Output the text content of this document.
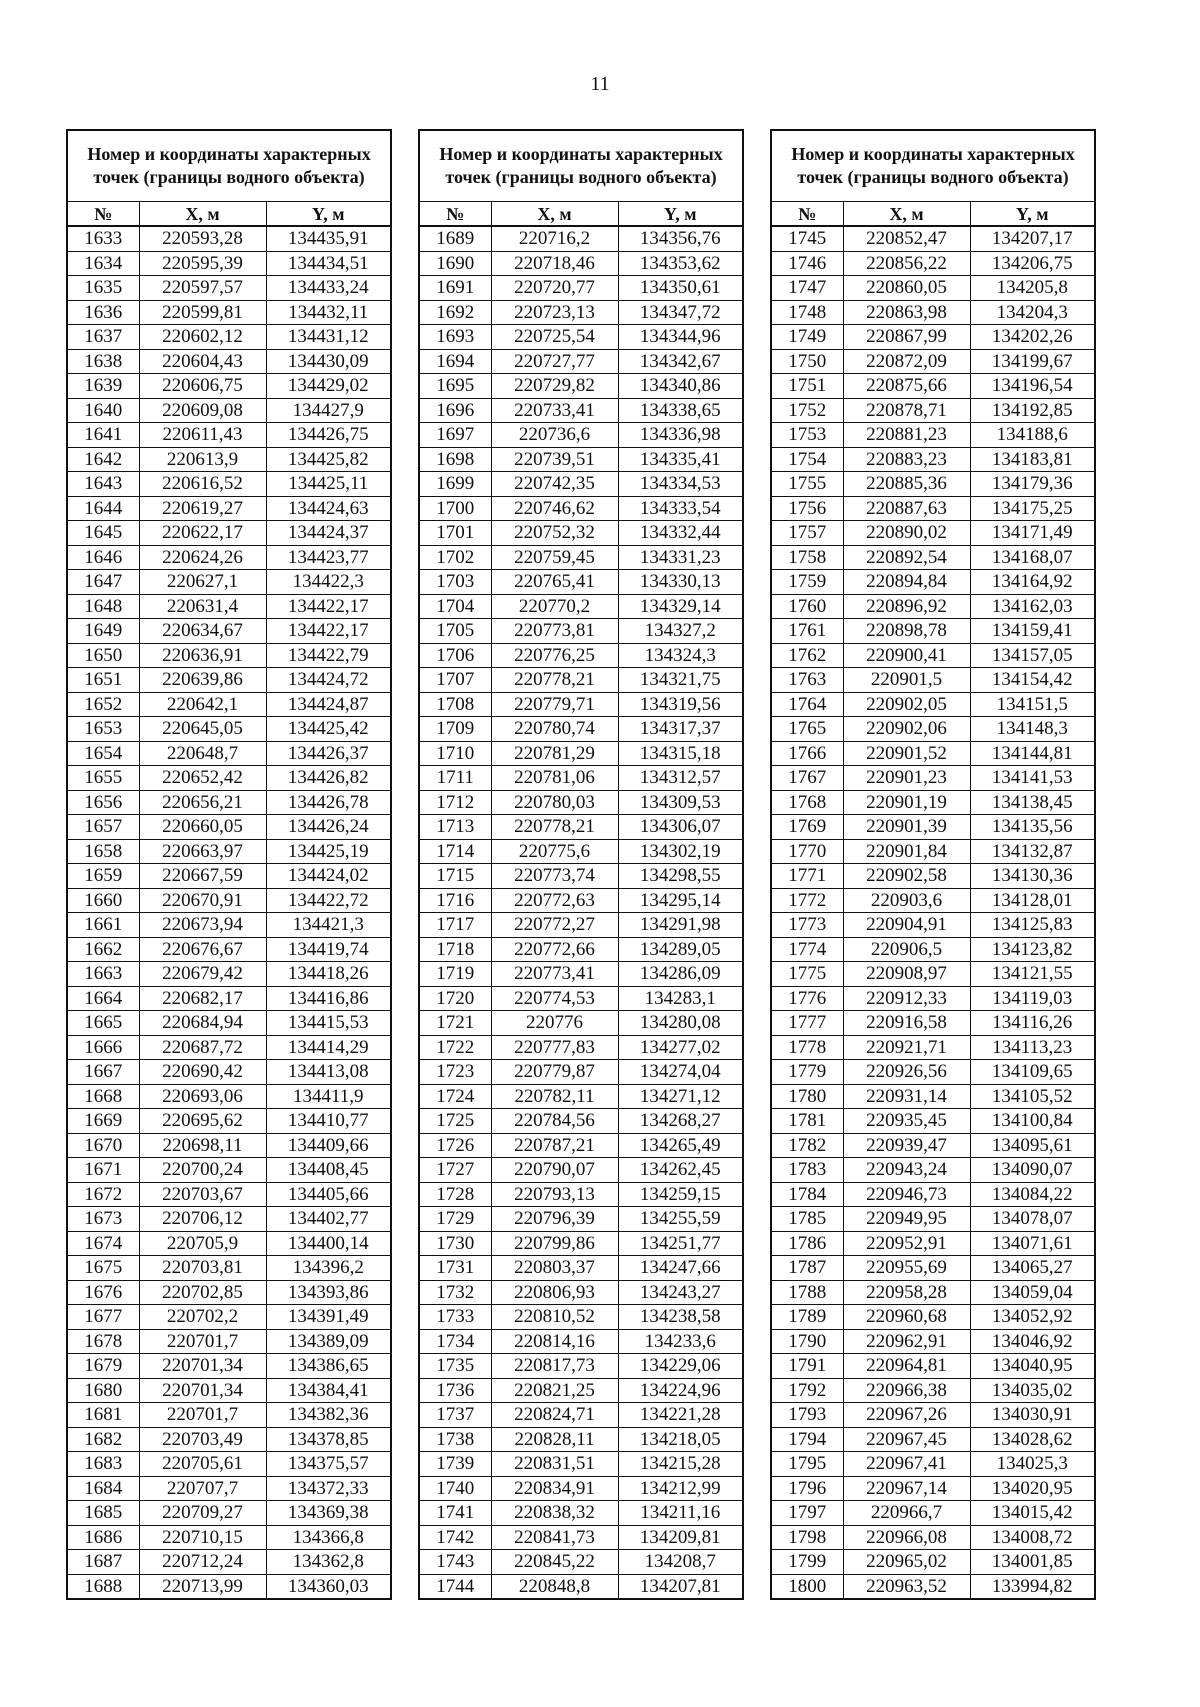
11
Номер и координаты характерных точек (границы водного объекта)		
№	X, м	Y, м
1633	220593,28	134435,91
1634	220595,39	134434,51
1635	220597,57	134433,24
1636	220599,81	134432,11
1637	220602,12	134431,12
1638	220604,43	134430,09
1639	220606,75	134429,02
1640	220609,08	134427,9
1641	220611,43	134426,75
1642	220613,9	134425,82
1643	220616,52	134425,11
1644	220619,27	134424,63
1645	220622,17	134424,37
1646	220624,26	134423,77
1647	220627,1	134422,3
1648	220631,4	134422,17
1649	220634,67	134422,17
1650	220636,91	134422,79
1651	220639,86	134424,72
1652	220642,1	134424,87
1653	220645,05	134425,42
1654	220648,7	134426,37
1655	220652,42	134426,82
1656	220656,21	134426,78
1657	220660,05	134426,24
1658	220663,97	134425,19
1659	220667,59	134424,02
1660	220670,91	134422,72
1661	220673,94	134421,3
1662	220676,67	134419,74
1663	220679,42	134418,26
1664	220682,17	134416,86
1665	220684,94	134415,53
1666	220687,72	134414,29
1667	220690,42	134413,08
1668	220693,06	134411,9
1669	220695,62	134410,77
1670	220698,11	134409,66
1671	220700,24	134408,45
1672	220703,67	134405,66
1673	220706,12	134402,77
1674	220705,9	134400,14
1675	220703,81	134396,2
1676	220702,85	134393,86
1677	220702,2	134391,49
1678	220701,7	134389,09
1679	220701,34	134386,65
1680	220701,34	134384,41
1681	220701,7	134382,36
1682	220703,49	134378,85
1683	220705,61	134375,57
1684	220707,7	134372,33
1685	220709,27	134369,38
1686	220710,15	134366,8
1687	220712,24	134362,8
1688	220713,99	134360,03
Номер и координаты характерных точек (границы водного объекта)		
№	X, м	Y, м
1689	220716,2	134356,76
1690	220718,46	134353,62
1691	220720,77	134350,61
1692	220723,13	134347,72
1693	220725,54	134344,96
1694	220727,77	134342,67
1695	220729,82	134340,86
1696	220733,41	134338,65
1697	220736,6	134336,98
1698	220739,51	134335,41
1699	220742,35	134334,53
1700	220746,62	134333,54
1701	220752,32	134332,44
1702	220759,45	134331,23
1703	220765,41	134330,13
1704	220770,2	134329,14
1705	220773,81	134327,2
1706	220776,25	134324,3
1707	220778,21	134321,75
1708	220779,71	134319,56
1709	220780,74	134317,37
1710	220781,29	134315,18
1711	220781,06	134312,57
1712	220780,03	134309,53
1713	220778,21	134306,07
1714	220775,6	134302,19
1715	220773,74	134298,55
1716	220772,63	134295,14
1717	220772,27	134291,98
1718	220772,66	134289,05
1719	220773,41	134286,09
1720	220774,53	134283,1
1721	220776	134280,08
1722	220777,83	134277,02
1723	220779,87	134274,04
1724	220782,11	134271,12
1725	220784,56	134268,27
1726	220787,21	134265,49
1727	220790,07	134262,45
1728	220793,13	134259,15
1729	220796,39	134255,59
1730	220799,86	134251,77
1731	220803,37	134247,66
1732	220806,93	134243,27
1733	220810,52	134238,58
1734	220814,16	134233,6
1735	220817,73	134229,06
1736	220821,25	134224,96
1737	220824,71	134221,28
1738	220828,11	134218,05
1739	220831,51	134215,28
1740	220834,91	134212,99
1741	220838,32	134211,16
1742	220841,73	134209,81
1743	220845,22	134208,7
1744	220848,8	134207,81
Номер и координаты характерных точек (границы водного объекта)		
№	X, м	Y, м
1745	220852,47	134207,17
1746	220856,22	134206,75
1747	220860,05	134205,8
1748	220863,98	134204,3
1749	220867,99	134202,26
1750	220872,09	134199,67
1751	220875,66	134196,54
1752	220878,71	134192,85
1753	220881,23	134188,6
1754	220883,23	134183,81
1755	220885,36	134179,36
1756	220887,63	134175,25
1757	220890,02	134171,49
1758	220892,54	134168,07
1759	220894,84	134164,92
1760	220896,92	134162,03
1761	220898,78	134159,41
1762	220900,41	134157,05
1763	220901,5	134154,42
1764	220902,05	134151,5
1765	220902,06	134148,3
1766	220901,52	134144,81
1767	220901,23	134141,53
1768	220901,19	134138,45
1769	220901,39	134135,56
1770	220901,84	134132,87
1771	220902,58	134130,36
1772	220903,6	134128,01
1773	220904,91	134125,83
1774	220906,5	134123,82
1775	220908,97	134121,55
1776	220912,33	134119,03
1777	220916,58	134116,26
1778	220921,71	134113,23
1779	220926,56	134109,65
1780	220931,14	134105,52
1781	220935,45	134100,84
1782	220939,47	134095,61
1783	220943,24	134090,07
1784	220946,73	134084,22
1785	220949,95	134078,07
1786	220952,91	134071,61
1787	220955,69	134065,27
1788	220958,28	134059,04
1789	220960,68	134052,92
1790	220962,91	134046,92
1791	220964,81	134040,95
1792	220966,38	134035,02
1793	220967,26	134030,91
1794	220967,45	134028,62
1795	220967,41	134025,3
1796	220967,14	134020,95
1797	220966,7	134015,42
1798	220966,08	134008,72
1799	220965,02	134001,85
1800	220963,52	133994,82
